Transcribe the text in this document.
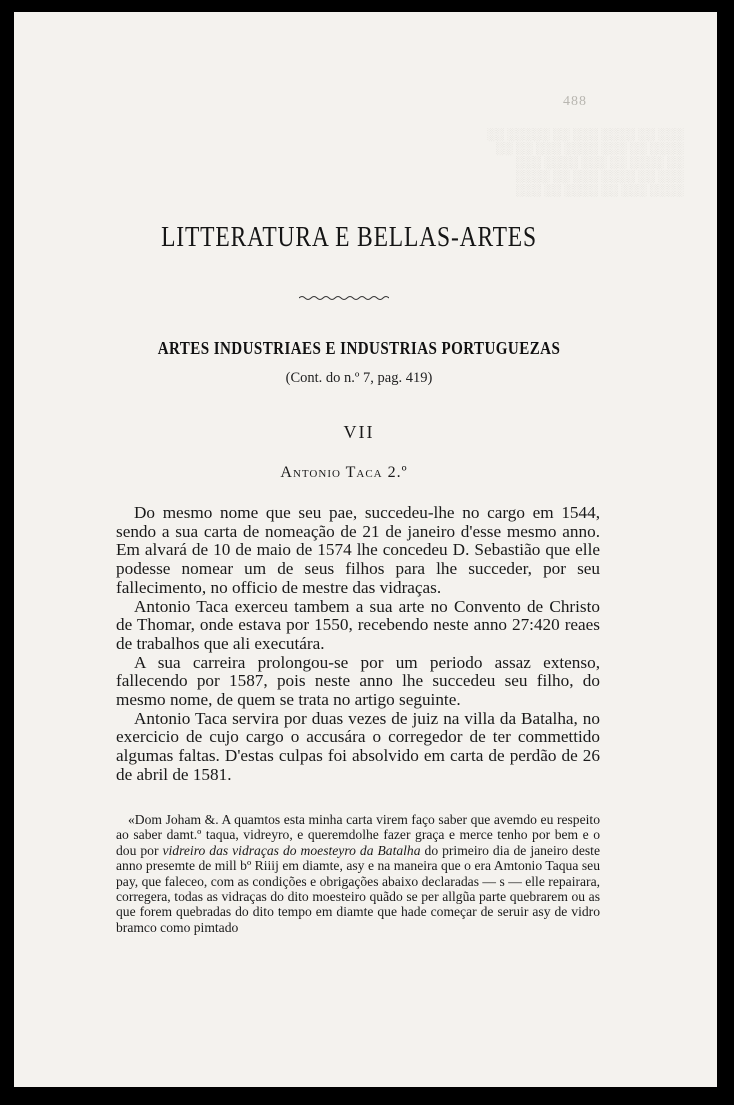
░░░ ░░ ░░░░ ░░░ ░░ ░░░░░ ░░
░░░░ ░░ ░░░ ░░░░ ░░░ ░░ ░░
░░ ░░░░ ░░ ░░░ ░░░░ ░░░
░░░ ░░ ░░░░ ░░░ ░░ ░░░░
░░░░ ░░░ ░░ ░░░░ ░░ ░░░
488
LITTERATURA E BELLAS-ARTES
ARTES INDUSTRIAES E INDUSTRIAS PORTUGUEZAS
(Cont. do n.º 7, pag. 419)
VII
Antonio Taca 2.º

Do mesmo nome que seu pae, succedeu-lhe no cargo em 1544, sendo a sua carta de nomeação de 21 de janeiro d'esse mesmo anno. Em alvará de 10 de maio de 1574 lhe concedeu D. Sebastião que elle podesse nomear um de seus filhos para lhe succeder, por seu fallecimento, no officio de mestre das vidraças.

Antonio Taca exerceu tambem a sua arte no Convento de Christo de Thomar, onde estava por 1550, recebendo neste anno 27:420 reaes de trabalhos que ali executára.

A sua carreira prolongou-se por um periodo assaz extenso, fallecendo por 1587, pois neste anno lhe succedeu seu filho, do mesmo nome, de quem se trata no artigo seguinte.

Antonio Taca servira por duas vezes de juiz na villa da Batalha, no exercicio de cujo cargo o accusára o corregedor de ter commettido algumas faltas. D'estas culpas foi absolvido em carta de perdão de 26 de abril de 1581.

«Dom Joham &. A quamtos esta minha carta virem faço saber que avemdo eu respeito ao saber damt.º taqua, vidreyro, e queremdolhe fazer graça e merce tenho por bem e o dou por vidreiro das vidraças do moesteyro da Batalha do primeiro dia de janeiro deste anno presemte de mill bº Riiij em diamte, asy e na maneira que o era Amtonio Taqua seu pay, que faleceo, com as condições e obrigações abaixo declaradas — s — elle repairara, corregera, todas as vidraças do dito moesteiro quãdo se per allgũa parte quebrarem ou as que forem quebradas do dito tempo em diamte que hade começar de seruir asy de vidro bramco como pimtado
